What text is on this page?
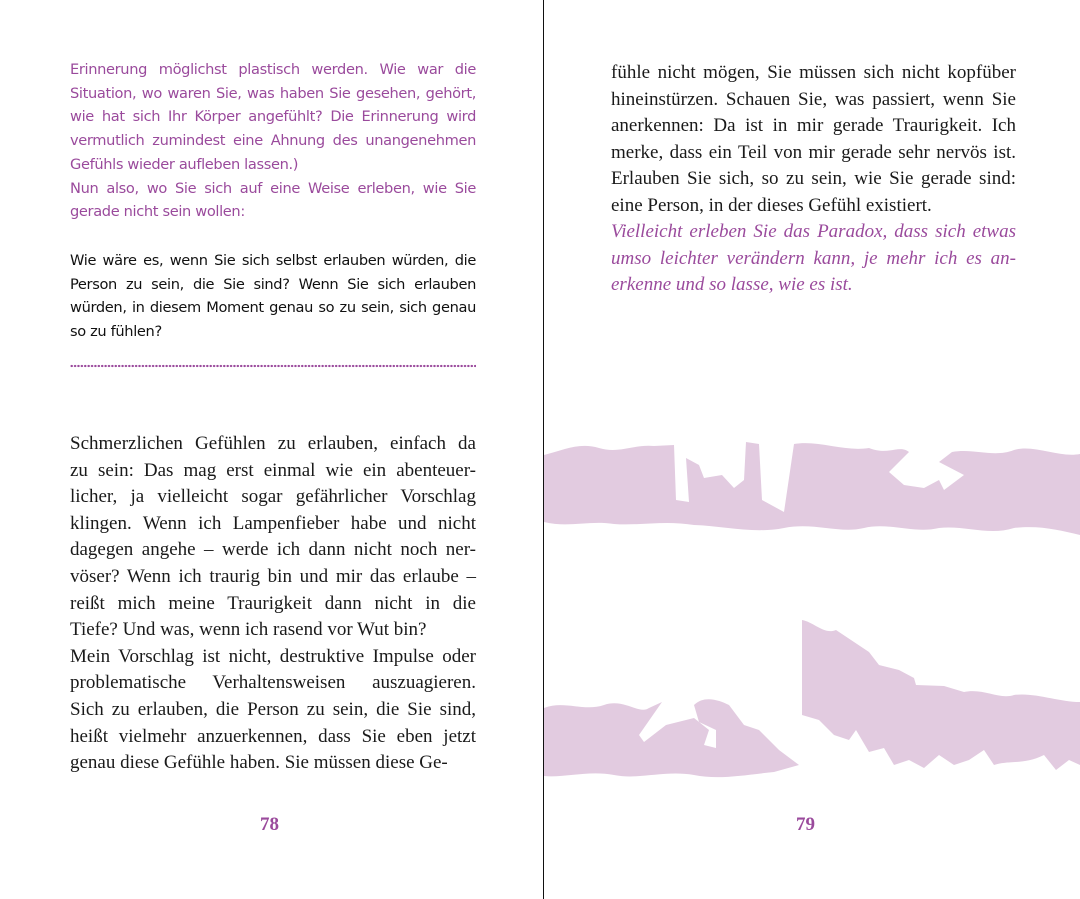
Erinnerung möglichst plastisch werden. Wie war die
Situation, wo waren Sie, was haben Sie gesehen, gehört,
wie hat sich Ihr Körper angefühlt? Die Erinnerung wird
vermutlich zumindest eine Ahnung des unangenehmen
Gefühls wieder aufleben lassen.)
Nun also, wo Sie sich auf eine Weise erleben, wie Sie
gerade nicht sein wollen:
Wie wäre es, wenn Sie sich selbst erlauben würden, die
Person zu sein, die Sie sind? Wenn Sie sich erlauben
würden, in diesem Moment genau so zu sein, sich genau
so zu fühlen?
Schmerzlichen Gefühlen zu erlauben, einfach da
zu sein: Das mag erst einmal wie ein abenteuer-
licher, ja vielleicht sogar gefährlicher Vorschlag
klingen. Wenn ich Lampenfieber habe und nicht
dagegen angehe – werde ich dann nicht noch ner-
vöser? Wenn ich traurig bin und mir das erlaube –
reißt mich meine Traurigkeit dann nicht in die
Tiefe? Und was, wenn ich rasend vor Wut bin?
Mein Vorschlag ist nicht, destruktive Impulse oder
problematische Verhaltensweisen auszuagieren.
Sich zu erlauben, die Person zu sein, die Sie sind,
heißt vielmehr anzuerkennen, dass Sie eben jetzt
genau diese Gefühle haben. Sie müssen diese Ge-
78
fühle nicht mögen, Sie müssen sich nicht kopfüber
hineinstürzen. Schauen Sie, was passiert, wenn Sie
anerkennen: Da ist in mir gerade Traurigkeit. Ich
merke, dass ein Teil von mir gerade sehr nervös ist.
Erlauben Sie sich, so zu sein, wie Sie gerade sind:
eine Person, in der dieses Gefühl existiert.
Vielleicht erleben Sie das Paradox, dass sich etwas
umso leichter verändern kann, je mehr ich es an-
erkenne und so lasse, wie es ist.
79
